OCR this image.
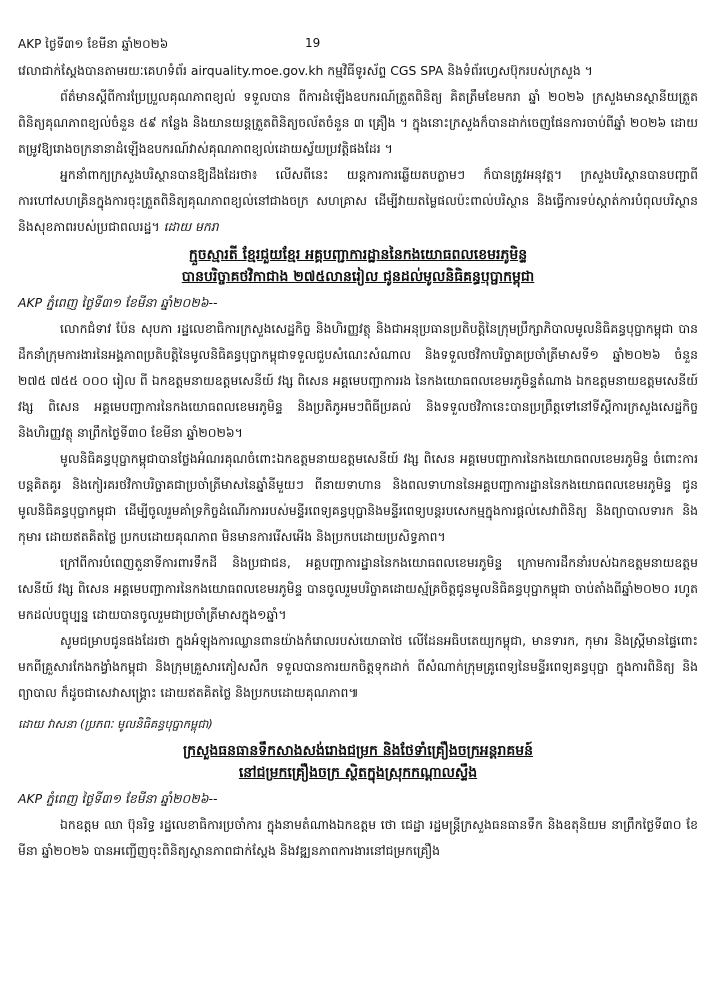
AKP ថ្ងៃទី៣១ ខែមីនា ឆ្នាំ២០២៦	19

វេលាជាក់ស្តែងបានតាមរយៈគេហទំព័រ airquality.moe.gov.kh កម្មវិធីទូរស័ព្ទ CGS SPA និងទំព័រហ្វេសប៊ុករបស់ក្រសួង ។

ព័ត៌មានស្ដីពីការប្រែប្រួលគុណភាពខ្យល់ ទទួលបាន ពីការដំឡើងឧបករណ៍ត្រួតពិនិត្យ គិតត្រឹមខែមករា ឆ្នាំ ២០២៦ ក្រសួងមានស្ថានីយត្រួតពិនិត្យគុណភាពខ្យល់ចំនួន ៥៩ កន្លែង និងយានយន្តត្រួតពិនិត្យចល័តចំនួន ៣ គ្រឿង ។ ក្នុងនោះក្រសួងក៏បានដាក់ចេញផែនការចាប់ពីឆ្នាំ ២០២៦ ដោយតម្រូវឱ្យរោងចក្រនានាដំឡើងឧបករណ៍វាស់គុណភាពខ្យល់ដោយស្វ័យប្រវត្តិផងដែរ ។

អ្នកនាំពាក្យក្រសួងបរិស្ថានបានឱ្យដឹងដែរថា៖ លើសពីនេះ យន្តការការឆ្លើយតបភ្លាមៗ ក៏បានត្រូវអនុវត្ត។ ក្រសួងបរិស្ថានបានបញ្ជាពីការហៅសហគ្រិនក្នុងការចុះត្រួតពិនិត្យគុណភាពខ្យល់នៅជាងចក្រ សហគ្រាស ដើម្បីវាយតម្លៃផលប៉ះពាល់បរិស្ថាន និងធ្វើការទប់ស្កាត់ការបំពុលបរិស្ថាន និងសុខភាពរបស់ប្រជាពលរដ្ឋ។ ដោយ មករា

ក្មួចស្មារតី ខ្មែរជួយខ្មែរ អគ្គបញ្ជាការដ្ឋាននៃកងយោធពលខេមរភូមិន្ទ
បានបរិច្ចាគថវិកាជាង ២៧៥លានរៀល ជូនដល់មូលនិធិគន្ធបុប្ផាកម្ពុជា
AKP ភ្នំពេញ ថ្ងៃទី៣១ ខែមីនា ឆ្នាំ២០២៦--

លោកជំទាវ ប៉ែន សុបភា រដ្ឋលេខាធិការក្រសួងសេដ្ឋកិច្ច និងហិរញ្ញវត្ថុ និងជាអនុប្រធានប្រតិបត្តិនៃក្រុមប្រឹក្សាភិបាលមូលនិធិគន្ធបុប្ផាកម្ពុជា បានដឹកនាំក្រុមការងារនៃអង្គភាពប្រតិបត្តិនៃមូលនិធិគន្ធបុប្ផាកម្ពុជាទទួលជួបសំណេះសំណាល និងទទួលថវិកាបរិច្ចាគប្រចាំត្រីមាសទី១ ឆ្នាំ២០២៦ ចំនួន ២៧៥ ៧៥៥ ០០០ រៀល ពី ឯកឧត្តមនាយឧត្តមសេនីយ៍ វង្ស ពិសេន អគ្គមេបញ្ជាការរង នៃកងយោធពលខេមរភូមិន្ទតំណាង ឯកឧត្តមនាយឧត្តមសេនីយ៍ វង្ស ពិសេន អគ្គមេបញ្ជាការនៃកងយោធពលខេមរភូមិន្ទ និងប្រតិភូអមៗពិធីប្រគល់ និងទទួលថវិកានេះបានប្រព្រឹត្តទៅនៅទីស្តីការក្រសួងសេដ្ឋកិច្ច និងហិរញ្ញវត្ថុ នាព្រឹកថ្ងៃទី៣០ ខែមីនា ឆ្នាំ២០២៦។

មូលនិធិគន្ធបុប្ផាកម្ពុជាបានថ្លែងអំណរគុណចំពោះឯកឧត្តមនាយឧត្តមសេនីយ៍ វង្ស ពិសេន អគ្គមេបញ្ជាការនៃកងយោធពលខេមរភូមិន្ទ ចំពោះការបន្តគិតគូរ និងកៀរគរថវិកាបរិច្ចាគជាប្រចាំត្រីមាសនៃឆ្នាំនីមួយៗ ពីនាយទាហាន និងពលទាហាននៃអគ្គបញ្ជាការដ្ឋាននៃកងយោធពលខេមរភូមិន្ទ ជូនមូលនិធិគន្ធបុប្ផាកម្ពុជា ដើម្បីចូលរួមគាំទ្រកិច្ចដំណើរការរបស់មន្ទីរពេទ្យគន្ធបុប្ផានិងមន្ទីរពេទ្យបន្តរបសេកម្មក្នុងការផ្តល់សេវាពិនិត្យ និងព្យាបាលទារក និងកុមារ ដោយឥតគិតថ្លៃ ប្រកបដោយគុណភាព មិនមានការរើសអើង និងប្រកបដោយប្រសិទ្ធភាព។

ក្រៅពីការបំពេញតួនាទីការពារទឹកដី និងប្រជាជន, អគ្គបញ្ជាការដ្ឋាននៃកងយោធពលខេមរភូមិន្ទ ក្រោមការដឹកនាំរបស់ឯកឧត្តមនាយឧត្តមសេនីយ៍ វង្ស ពិសេន អគ្គមេបញ្ជាការនៃកងយោធពលខេមរភូមិន្ទ បានចូលរួមបរិច្ចាគដោយស្ម័គ្រចិត្តជូនមូលនិធិគន្ធបុប្ផាកម្ពុជា ចាប់តាំងពីឆ្នាំ២០២០ រហូតមកដល់បច្ចុប្បន្ន ដោយបានចូលរួមជាប្រចាំត្រីមាសក្នុង១ឆ្នាំ។

សូមជម្រាបជូនផងដែរថា ក្នុងអំឡុងការឈ្លានពានយ៉ាងកំរោលរបស់យោធាថៃ លើដែនអធិបតេយ្យកម្ពុជា, មានទារក, កុមារ និងស្ត្រីមានផ្ទៃពោះ មកពីគ្រួសារកែងកង្វាំងកម្ពុជា និងក្រុមគ្រួសារភៀសសឹក ទទួលបានការយកចិត្តទុកដាក់ ពីសំណាក់ក្រុមគ្រូពេទ្យនៃមន្ទីរពេទ្យគន្ធបុប្ផា ក្នុងការពិនិត្យ និងព្យាបាល ក៏ដូចជាសេវាសង្គ្រោះ ដោយឥតគិតថ្លៃ និងប្រកបដោយគុណភាព៕

ដោយ វាសនា (ប្រភពៈ មូលនិធិគន្ធបុប្ផាកម្ពុជា)
ក្រសួងធនធានទឹកសាងសង់រោងជម្រក និងថែទាំគ្រឿងចក្រអន្តរាគមន៍
នៅជម្រកគ្រឿងចក្រ ស្ថិតក្នុងស្រុកកណ្តាលស្ទឹង
AKP ភ្នំពេញ ថ្ងៃទី៣១ ខែមីនា ឆ្នាំ២០២៦--

ឯកឧត្តម ឈា ប៊ុនរិទ្ធ រដ្ឋលេខាធិការប្រចាំការ ក្នុងនាមតំណាងឯកឧត្តម ថោ ជេដ្ឋា រដ្ឋមន្ត្រីក្រសួងធនធានទឹក និងឧតុនិយម នាព្រឹកថ្ងៃទី៣០ ខែមីនា ឆ្នាំ២០២៦ បានអញ្ជើញចុះពិនិត្យស្ថានភាពជាក់ស្តែង និងវឌ្ឍនភាពការងារនៅជម្រកគ្រឿង
